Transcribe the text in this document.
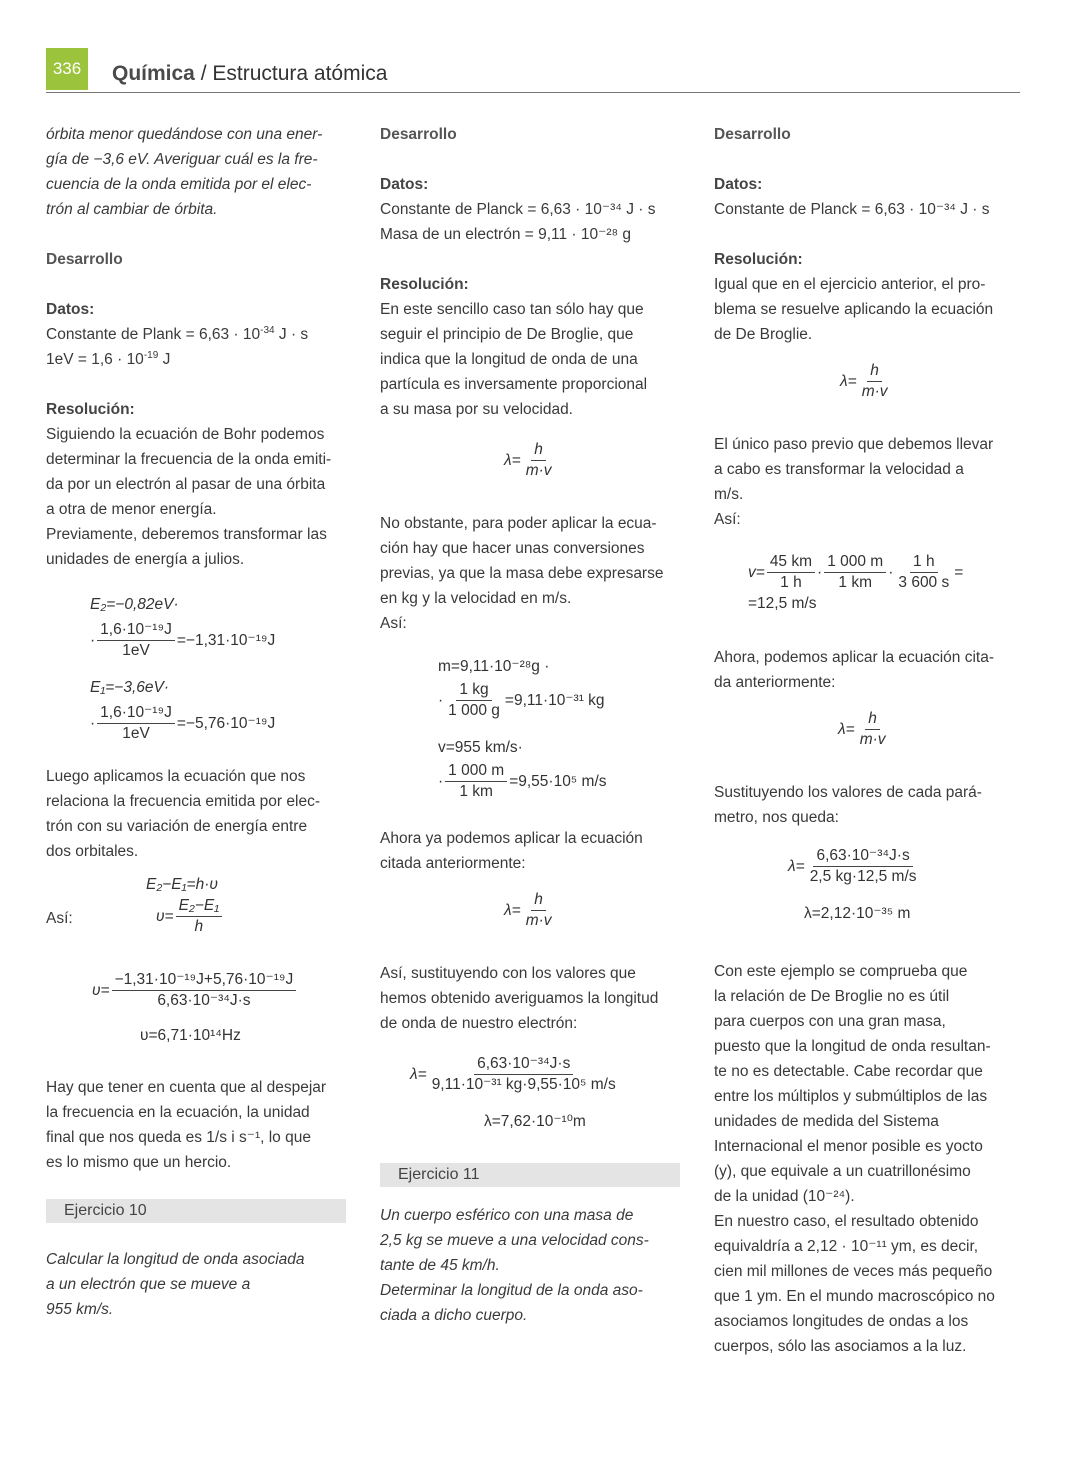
336	Química / Estructura atómica

órbita menor quedándose con una ener-
gía de −3,6 eV. Averiguar cuál es la fre-
cuencia de la onda emitida por el elec-
trón al cambiar de órbita.

Desarrollo

Datos:

Constante de Plank = $6,63 \cdot 10^{-34}$ J · s

$1eV = 1,6 \cdot 10^{-19}$ J

Resolución:

Siguiendo la ecuación de Bohr podemos
determinar la frecuencia de la onda emiti-
da por un electrón al pasar de una órbita
a otra de menor energía.
Previamente, deberemos transformar las
unidades de energía a julios.

E₂=−0,82eV·
· $\frac{\text{1,6·10⁻¹⁹J}}{1eV} =-1,31\cdot 10^{-19}J$
E₁=−3,6eV·
· $\frac{\text{1,6·10⁻¹⁹J}}{1eV} =-5,76\cdot 10^{-19}J$

Luego aplicamos la ecuación que nos
relaciona la frecuencia emitida por elec-
trón con su variación de energía entre
dos orbitales.

E₂−E₁=h·υ

Así:	$\upsilon= \frac{\text{E₂−E₁}}{h}$
$\upsilon= \frac{\text{−1,31·10⁻¹⁹J+5,76·10⁻¹⁹J}}{\text{6,63·10⁻³⁴J·s}}$
υ=6,71·10¹⁴Hz

Hay que tener en cuenta que al despejar
la frecuencia en la ecuación, la unidad
final que nos queda es 1/s i s⁻¹, lo que
es lo mismo que un hercio.

Ejercicio 10

Calcular la longitud de onda asociada
a un electrón que se mueve a
955 km/s.

Desarrollo

Datos:

Constante de Planck = 6,63 · 10⁻³⁴ J · s

Masa de un electrón = 9,11 · 10⁻²⁸ g

Resolución:

En este sencillo caso tan sólo hay que
seguir el principio de De Broglie, que
indica que la longitud de onda de una
partícula es inversamente proporcional
a su masa por su velocidad.

$\lambda= \frac{h}{m\cdot v}$

No obstante, para poder aplicar la ecua-
ción hay que hacer unas conversiones
previas, ya que la masa debe expresarse
en kg y la velocidad en m/s.
Así:

m=9,11·10⁻²⁸g ·
· $\frac{1 kg}{1 000 g} =9,11\cdot 10^{-31}$ kg
v=955 km/s·
· $\frac{1 000 m}{1 km} =9,55\cdot 10^5$ m/s

Ahora ya podemos aplicar la ecuación
citada anteriormente:

$\lambda= \frac{h}{m\cdot v}$

Así, sustituyendo con los valores que
hemos obtenido averiguamos la longitud
de onda de nuestro electrón:

$\lambda= \frac{\text{6,63·10⁻³⁴J·s}}{\text{9,11·10⁻³¹ kg·9,55·10⁵ m/s}}$
λ=7,62·10⁻¹⁰m
Ejercicio 11

Un cuerpo esférico con una masa de
2,5 kg se mueve a una velocidad cons-
tante de 45 km/h.
Determinar la longitud de la onda aso-
ciada a dicho cuerpo.

Desarrollo

Datos:

Constante de Planck = 6,63 · 10⁻³⁴ J · s

Resolución:

Igual que en el ejercicio anterior, el pro-
blema se resuelve aplicando la ecuación
de De Broglie.

$\lambda= \frac{h}{m\cdot v}$

El único paso previo que debemos llevar
a cabo es transformar la velocidad a
m/s.
Así:

$v= \frac{45 km}{1 h} \cdot \frac{1 000 m}{1 km} \cdot \frac{1 h}{3 600 s}$ =
=12,5 m/s

Ahora, podemos aplicar la ecuación cita-
da anteriormente:

$\lambda= \frac{h}{m\cdot v}$

Sustituyendo los valores de cada pará-
metro, nos queda:

$\lambda= \frac{\text{6,63·10⁻³⁴J·s}}{2,5 kg\cdot 12,5 m/s}$
λ=2,12·10⁻³⁵ m

Con este ejemplo se comprueba que
la relación de De Broglie no es útil
para cuerpos con una gran masa,
puesto que la longitud de onda resultan-
te no es detectable. Cabe recordar que
entre los múltiplos y submúltiplos de las
unidades de medida del Sistema
Internacional el menor posible es yocto
(y), que equivale a un cuatrillonésimo
de la unidad (10⁻²⁴).
En nuestro caso, el resultado obtenido
equivaldría a 2,12 · 10⁻¹¹ ym, es decir,
cien mil millones de veces más pequeño
que 1 ym. En el mundo macroscópico no
asociamos longitudes de ondas a los
cuerpos, sólo las asociamos a la luz.
